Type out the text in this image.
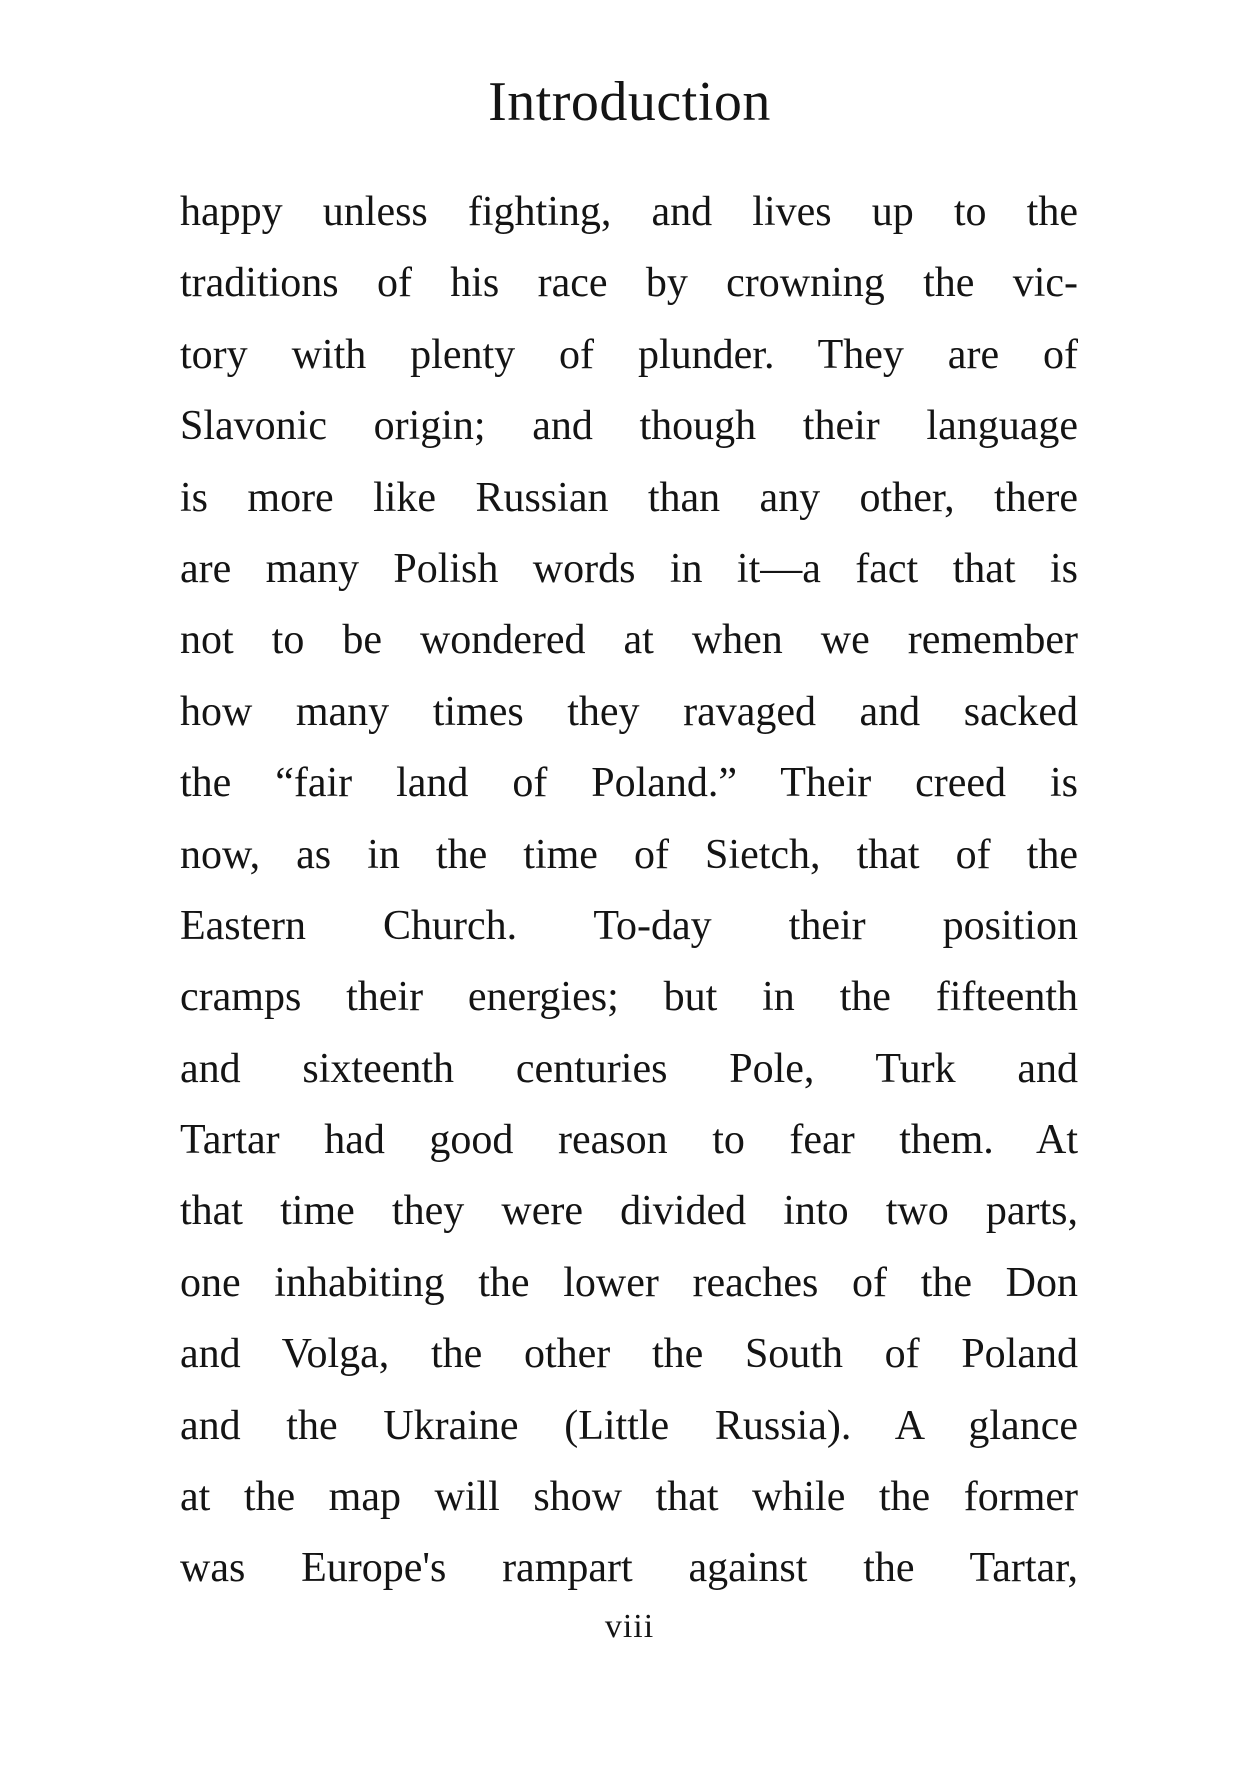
Introduction
happy unless fighting, and lives up to the
traditions of his race by crowning the vic-
tory with plenty of plunder. They are of
Slavonic origin; and though their language
is more like Russian than any other, there
are many Polish words in it—a fact that is
not to be wondered at when we remember
how many times they ravaged and sacked
the “fair land of Poland.” Their creed is
now, as in the time of Sietch, that of the
Eastern Church. To-day their position
cramps their energies; but in the fifteenth
and sixteenth centuries Pole, Turk and
Tartar had good reason to fear them. At
that time they were divided into two parts,
one inhabiting the lower reaches of the Don
and Volga, the other the South of Poland
and the Ukraine (Little Russia). A glance
at the map will show that while the former
was Europe's rampart against the Tartar,
viii
